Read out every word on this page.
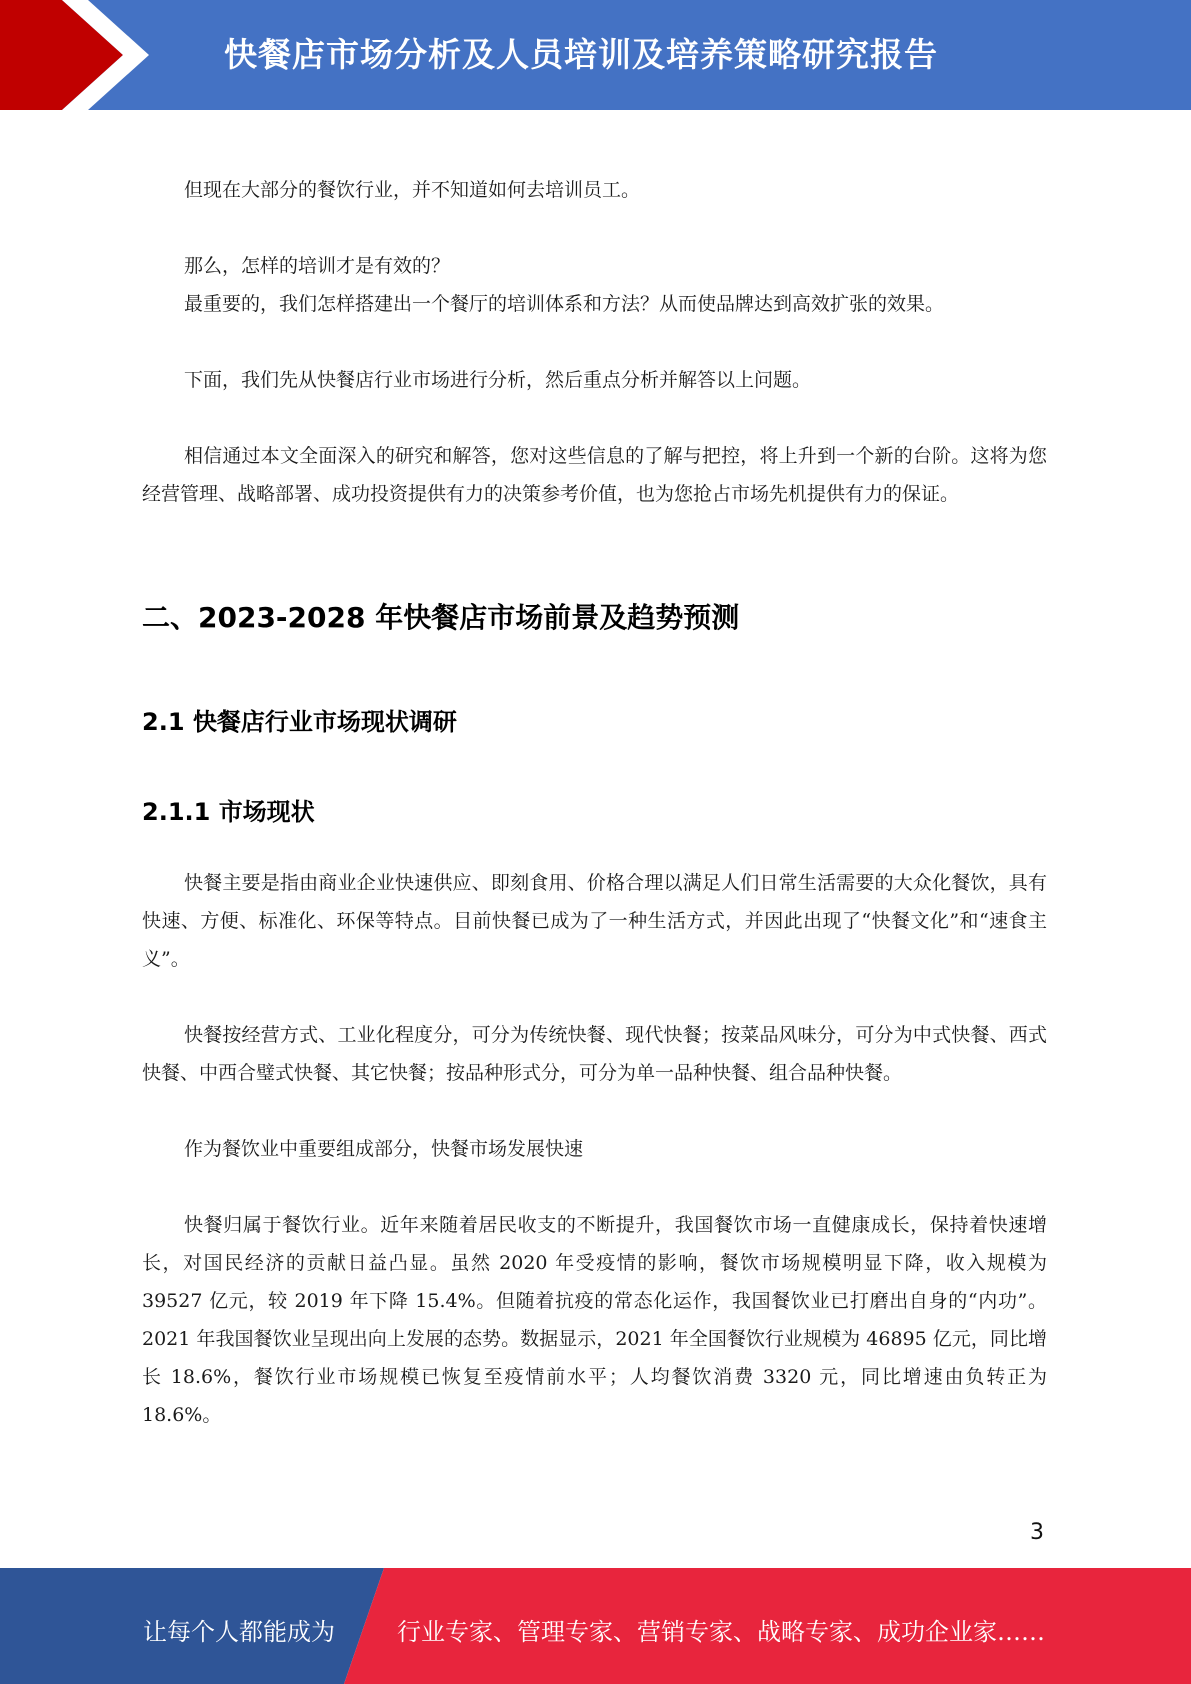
快餐店市场分析及人员培训及培养策略研究报告

但现在大部分的餐饮行业，并不知道如何去培训员工。

那么，怎样的培训才是有效的？

最重要的，我们怎样搭建出一个餐厅的培训体系和方法？从而使品牌达到高效扩张的效果。

下面，我们先从快餐店行业市场进行分析，然后重点分析并解答以上问题。

相信通过本文全面深入的研究和解答，您对这些信息的了解与把控，将上升到一个新的台阶。这将为您经营管理、战略部署、成功投资提供有力的决策参考价值，也为您抢占市场先机提供有力的保证。

二、2023-2028 年快餐店市场前景及趋势预测
2.1 快餐店行业市场现状调研
2.1.1 市场现状

快餐主要是指由商业企业快速供应、即刻食用、价格合理以满足人们日常生活需要的大众化餐饮，具有快速、方便、标准化、环保等特点。目前快餐已成为了一种生活方式，并因此出现了“快餐文化”和“速食主义”。

快餐按经营方式、工业化程度分，可分为传统快餐、现代快餐；按菜品风味分，可分为中式快餐、西式快餐、中西合璧式快餐、其它快餐；按品种形式分，可分为单一品种快餐、组合品种快餐。

作为餐饮业中重要组成部分，快餐市场发展快速

快餐归属于餐饮行业。近年来随着居民收支的不断提升，我国餐饮市场一直健康成长，保持着快速增长，对国民经济的贡献日益凸显。虽然 2020 年受疫情的影响，餐饮市场规模明显下降，收入规模为 39527 亿元，较 2019 年下降 15.4%。但随着抗疫的常态化运作，我国餐饮业已打磨出自身的“内功”。2021 年我国餐饮业呈现出向上发展的态势。数据显示，2021 年全国餐饮行业规模为 46895 亿元，同比增长 18.6%，餐饮行业市场规模已恢复至疫情前水平；人均餐饮消费 3320 元，同比增速由负转正为 18.6%。

3
让每个人都能成为	行业专家、管理专家、营销专家、战略专家、成功企业家……
